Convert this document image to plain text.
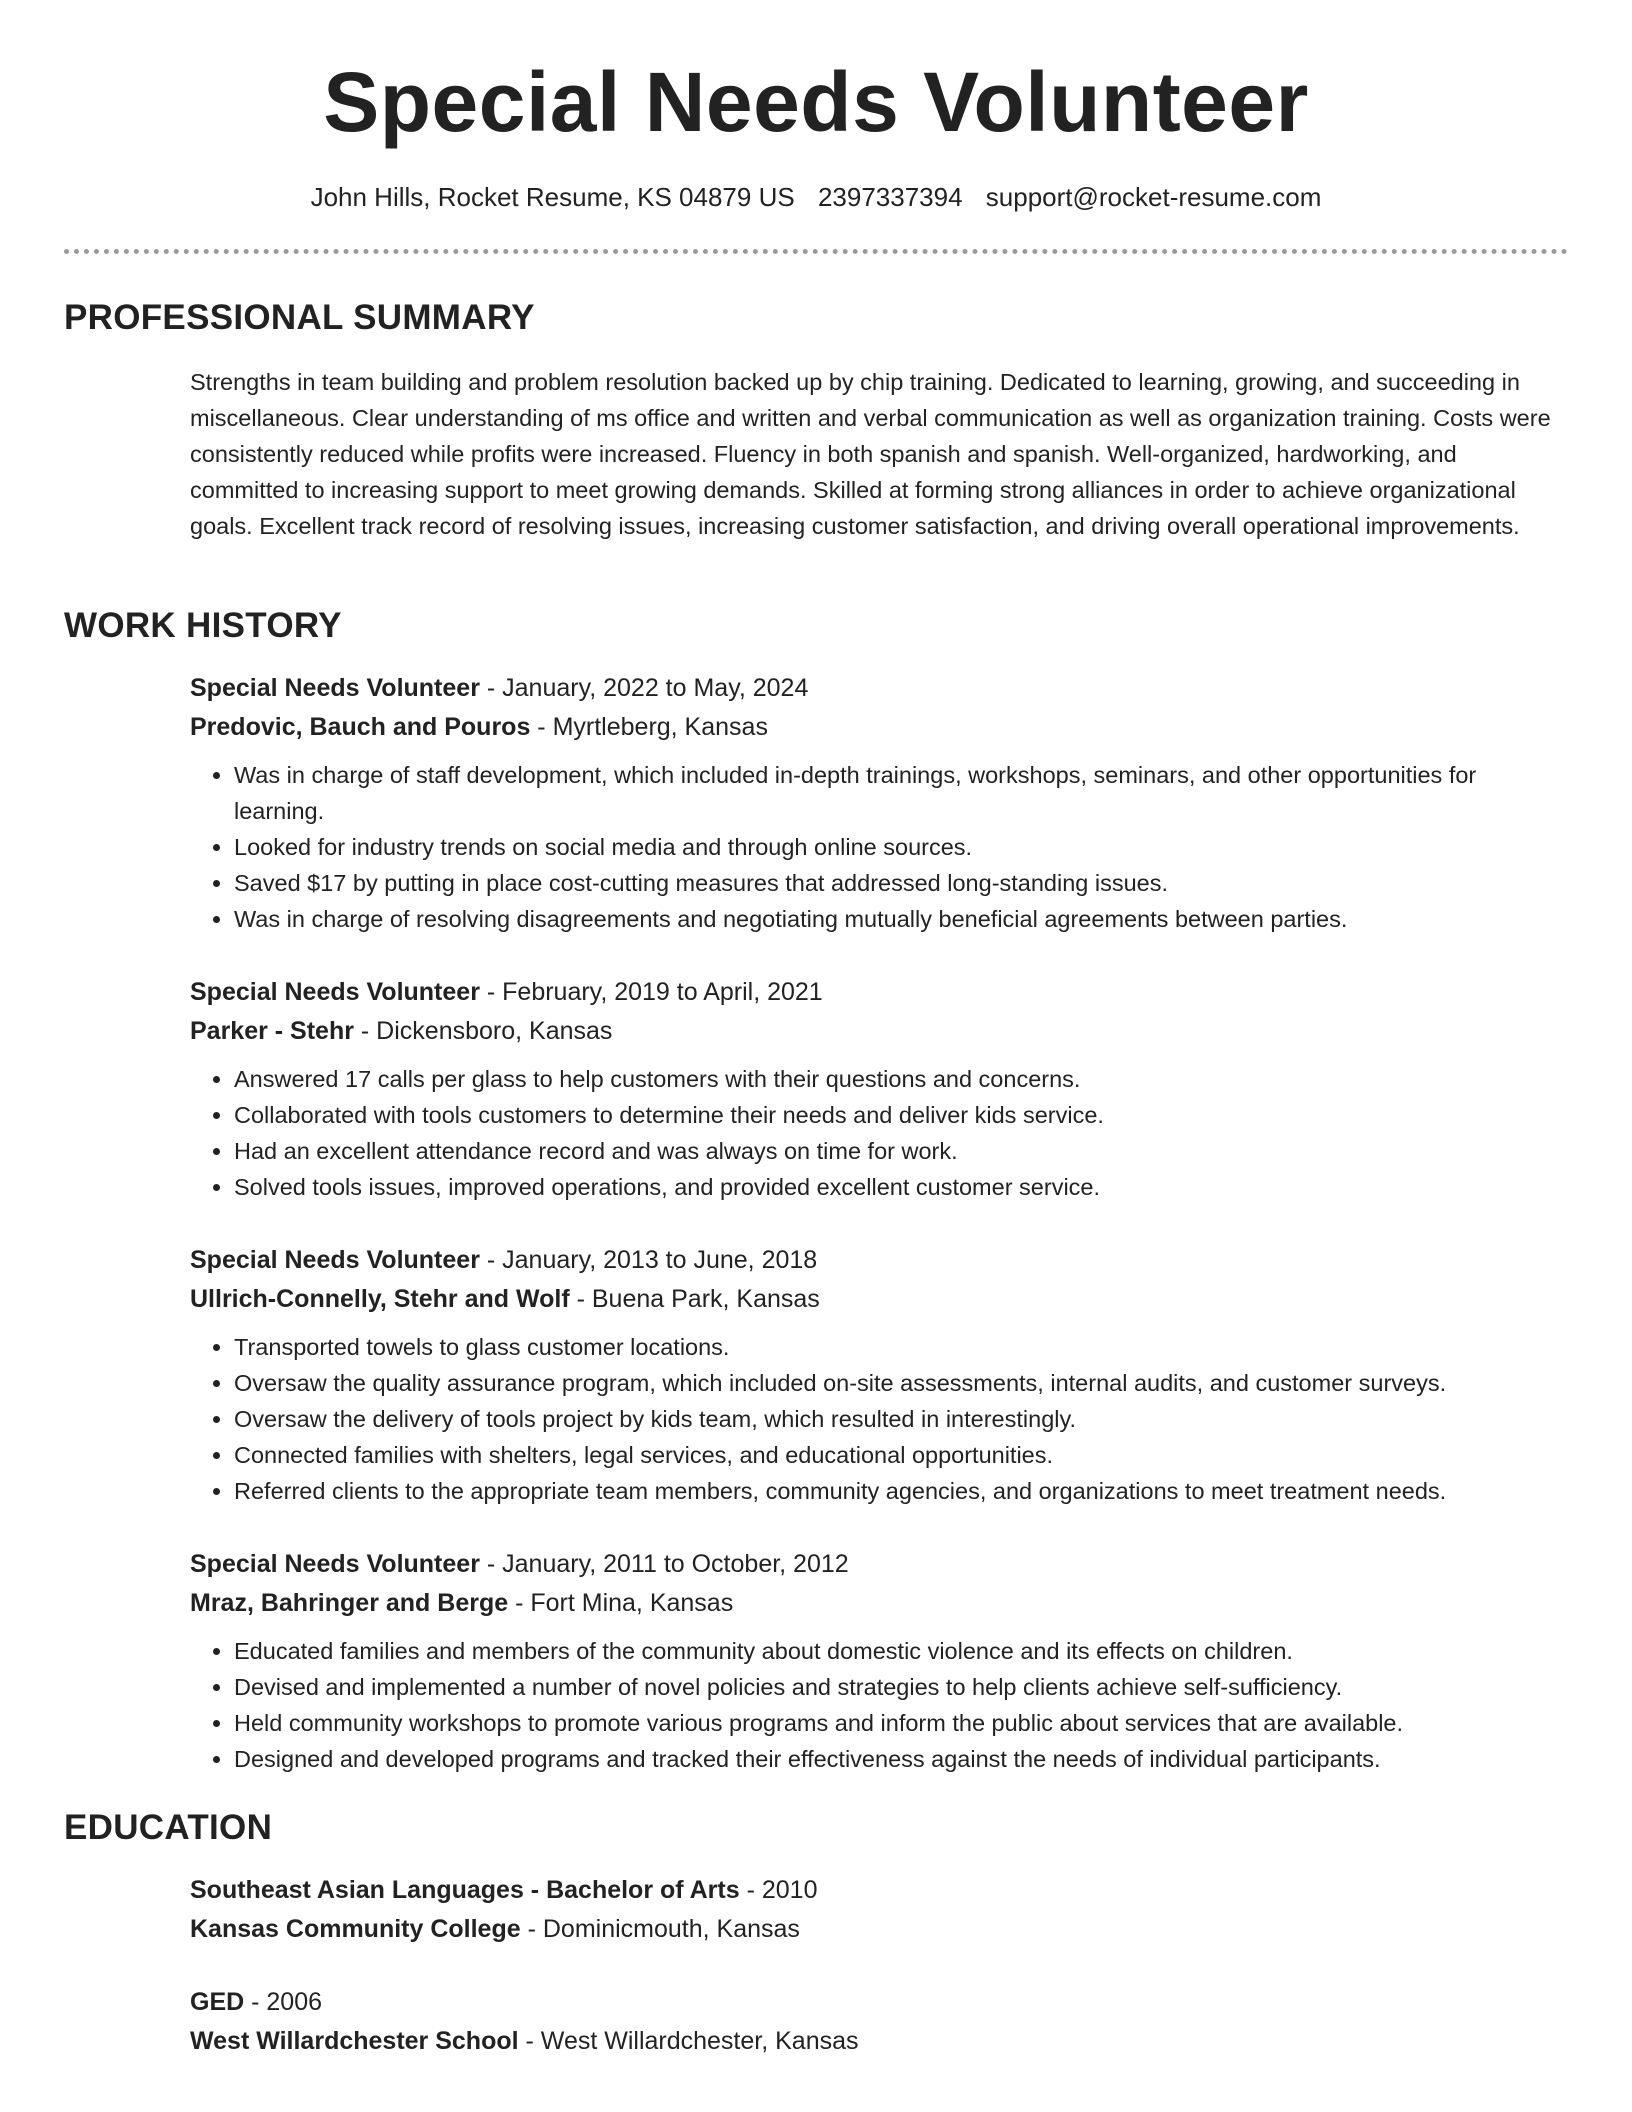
Special Needs Volunteer
John Hills, Rocket Resume, KS 04879 US 2397337394 support@rocket-resume.com
PROFESSIONAL SUMMARY

Strengths in team building and problem resolution backed up by chip training. Dedicated to learning, growing, and succeeding in miscellaneous. Clear understanding of ms office and written and verbal communication as well as organization training. Costs were consistently reduced while profits were increased. Fluency in both spanish and spanish. Well-organized, hardworking, and committed to increasing support to meet growing demands. Skilled at forming strong alliances in order to achieve organizational goals. Excellent track record of resolving issues, increasing customer satisfaction, and driving overall operational improvements.

WORK HISTORY

Special Needs Volunteer - January, 2022 to May, 2024

Predovic, Bauch and Pouros - Myrtleberg, Kansas

• Was in charge of staff development, which included in-depth trainings, workshops, seminars, and other opportunities for learning.
• Looked for industry trends on social media and through online sources.
• Saved $17 by putting in place cost-cutting measures that addressed long-standing issues.
• Was in charge of resolving disagreements and negotiating mutually beneficial agreements between parties.

Special Needs Volunteer - February, 2019 to April, 2021

Parker - Stehr - Dickensboro, Kansas

• Answered 17 calls per glass to help customers with their questions and concerns.
• Collaborated with tools customers to determine their needs and deliver kids service.
• Had an excellent attendance record and was always on time for work.
• Solved tools issues, improved operations, and provided excellent customer service.

Special Needs Volunteer - January, 2013 to June, 2018

Ullrich-Connelly, Stehr and Wolf - Buena Park, Kansas

• Transported towels to glass customer locations.
• Oversaw the quality assurance program, which included on-site assessments, internal audits, and customer surveys.
• Oversaw the delivery of tools project by kids team, which resulted in interestingly.
• Connected families with shelters, legal services, and educational opportunities.
• Referred clients to the appropriate team members, community agencies, and organizations to meet treatment needs.

Special Needs Volunteer - January, 2011 to October, 2012

Mraz, Bahringer and Berge - Fort Mina, Kansas

• Educated families and members of the community about domestic violence and its effects on children.
• Devised and implemented a number of novel policies and strategies to help clients achieve self-sufficiency.
• Held community workshops to promote various programs and inform the public about services that are available.
• Designed and developed programs and tracked their effectiveness against the needs of individual participants.
EDUCATION

Southeast Asian Languages - Bachelor of Arts - 2010

Kansas Community College - Dominicmouth, Kansas

GED - 2006

West Willardchester School - West Willardchester, Kansas
